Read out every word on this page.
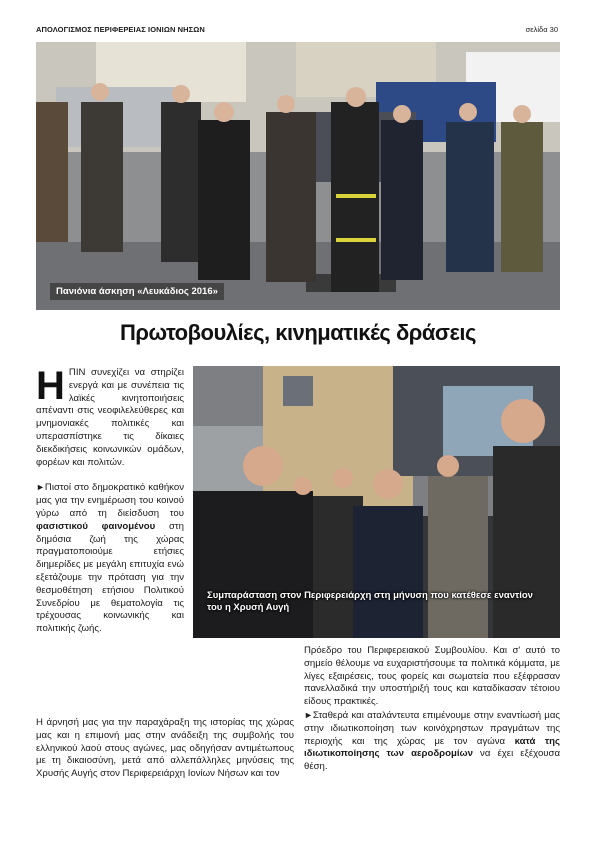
ΑΠΟΛΟΓΙΣΜΟΣ ΠΕΡΙΦΕΡΕΙΑΣ ΙΟΝΙΩΝ ΝΗΣΩΝ	σελίδα 30
Πανιόνια άσκηση «Λευκάδιος 2016»
Πρωτοβουλίες, κινηματικές δράσεις
ΗΠΙΝ συνεχίζει να στηρίζει ενεργά και με συνέπεια τις λαϊκές κινητοποιήσεις απέναντι στις νεοφιλελεύθερες και μνημονιακές πολιτικές και υπερασπίστηκε τις δίκαιες διεκδικήσεις κοινωνικών ομάδων, φορέων και πολιτών.
►Πιστοί στο δημοκρατικό καθήκον μας για την ενημέρωση του κοινού γύρω από τη διείσδυση του φασιστικού φαινομένου στη δημόσια ζωή της χώρας πραγματοποιούμε ετήσιες διημερίδες με μεγάλη επιτυχία ενώ εξετάζουμε την πρόταση για την θεσμοθέτηση ετήσιου Πολιτικού Συνεδρίου με θεματολογία τις τρέχουσας κοινωνικής και πολιτικής ζωής.
Συμπαράσταση στον Περιφερειάρχη στη μήνυση που κατέθεσε εναντίον του η Χρυσή Αυγή
Η άρνησή μας για την παραχάραξη της ιστορίας της χώρας μας και η επιμονή μας στην ανάδειξη της συμβολής του ελληνικού λαού στους αγώνες, μας οδηγήσαν αντιμέτωπους με τη δικαιοσύνη, μετά από αλλεπάλληλες μηνύσεις της Χρυσής Αυγής στον Περιφερειάρχη Ιονίων Νήσων και τον
Πρόεδρο του Περιφερειακού Συμβουλίου. Και σ' αυτό το σημείο θέλουμε να ευχαριστήσουμε τα πολιτικά κόμματα, με λίγες εξαιρέσεις, τους φορείς και σωματεία που εξέφρασαν πανελλαδικά την υποστήριξή τους και καταδίκασαν τέτοιου είδους πρακτικές.
►Σταθερά και αταλάντευτα επιμένουμε στην εναντίωσή μας στην ιδιωτικοποίηση των κοινόχρηστων πραγμάτων της περιοχής και της χώρας με τον αγώνα κατά της ιδιωτικοποίησης των αεροδρομίων να έχει εξέχουσα θέση.
